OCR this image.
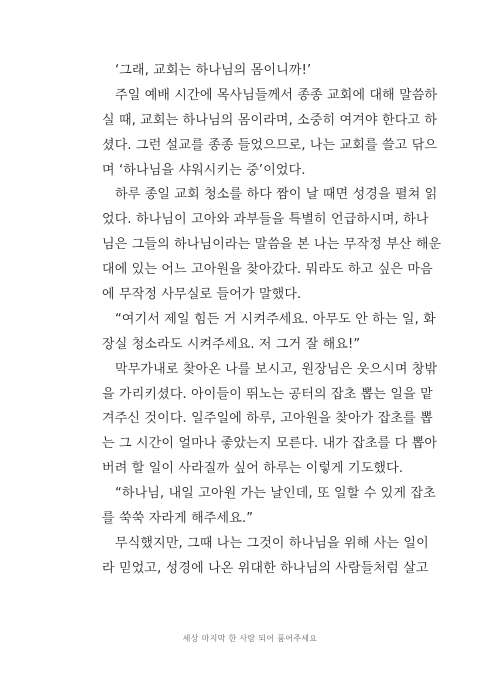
‘그래, 교회는 하나님의 몸이니까!’
주일 예배 시간에 목사님들께서 종종 교회에 대해 말씀하
실 때, 교회는 하나님의 몸이라며, 소중히 여겨야 한다고 하
셨다. 그런 설교를 종종 들었으므로, 나는 교회를 쓸고 닦으
며 ‘하나님을 샤워시키는 중’이었다.
하루 종일 교회 청소를 하다 짬이 날 때면 성경을 펼쳐 읽
었다. 하나님이 고아와 과부들을 특별히 언급하시며, 하나
님은 그들의 하나님이라는 말씀을 본 나는 무작정 부산 해운
대에 있는 어느 고아원을 찾아갔다. 뭐라도 하고 싶은 마음
에 무작정 사무실로 들어가 말했다.
“여기서 제일 힘든 거 시켜주세요. 아무도 안 하는 일, 화
장실 청소라도 시켜주세요. 저 그거 잘 해요!”
막무가내로 찾아온 나를 보시고, 원장님은 웃으시며 창밖
을 가리키셨다. 아이들이 뛰노는 공터의 잡초 뽑는 일을 맡
겨주신 것이다. 일주일에 하루, 고아원을 찾아가 잡초를 뽑
는 그 시간이 얼마나 좋았는지 모른다. 내가 잡초를 다 뽑아
버려 할 일이 사라질까 싶어 하루는 이렇게 기도했다.
“하나님, 내일 고아원 가는 날인데, 또 일할 수 있게 잡초
를 쑥쑥 자라게 해주세요.”
무식했지만, 그때 나는 그것이 하나님을 위해 사는 일이
라 믿었고, 성경에 나온 위대한 하나님의 사람들처럼 살고
세상 마지막 한 사람 되어 품어주세요
